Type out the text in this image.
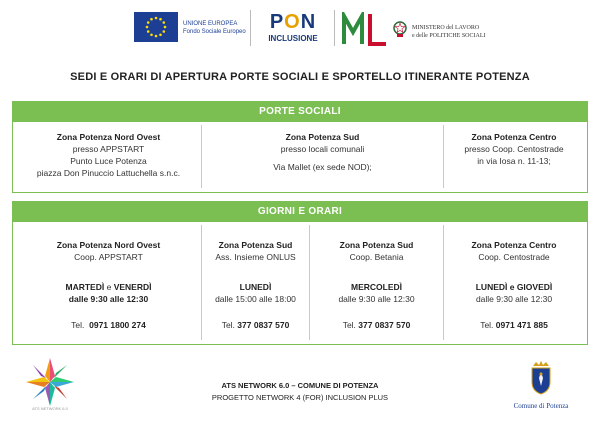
UNIONE EUROPEA
Fondo Sociale Europeo	PON
INCLUSIONE
MINISTERO del LAVORO
e delle POLITICHE SOCIALI
SEDI E ORARI DI APERTURA PORTE SOCIALI E SPORTELLO ITINERANTE POTENZA
PORTE SOCIALI
Zona Potenza Nord Ovest
presso APPSTART
Punto Luce Potenza
piazza Don Pinuccio Lattuchella s.n.c.
Zona Potenza Sud
presso locali comunali
Via Mallet (ex sede NOD);
Zona Potenza Centro
presso Coop. Centostrade
in via Iosa n. 11-13;
GIORNI E ORARI
Zona Potenza Nord Ovest
Coop. APPSTART
MARTEDÌ e VENERDÌ
dalle 9:30 alle 12:30
Tel. 0971 1800 274
Zona Potenza Sud
Ass. Insieme ONLUS
LUNEDÌ
dalle 15:00 alle 18:00
Tel. 377 0837 570
Zona Potenza Sud
Coop. Betania
MERCOLEDÌ
dalle 9:30 alle 12:30
Tel. 377 0837 570
Zona Potenza Centro
Coop. Centostrade
LUNEDÌ e GIOVEDÌ
dalle 9:30 alle 12:30
Tel. 0971 471 885
ATS NETWORK 6.0
ATS NETWORK 6.0 – COMUNE DI POTENZA
PROGETTO NETWORK 4 (FOR) INCLUSION PLUS
Comune di Potenza
